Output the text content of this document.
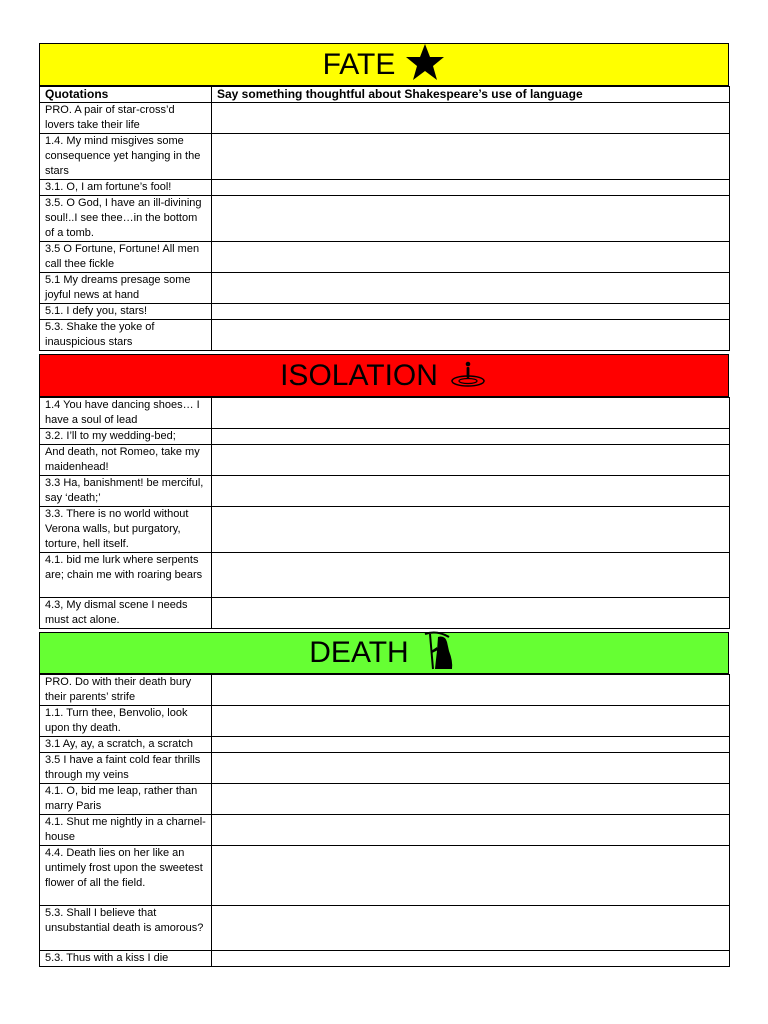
FATE
Quotations	Say something thoughtful about Shakespeare’s use of language
PRO. A pair of star-cross’d lovers take their life	
1.4. My mind misgives some consequence yet hanging in the stars	
3.1. O, I am fortune’s fool!	
3.5. O God, I have an ill-divining soul!..I see thee…in the bottom of a tomb.	
3.5 O Fortune, Fortune! All men call thee fickle	
5.1 My dreams presage some joyful news at hand	
5.1. I defy you, stars!	
5.3. Shake the yoke of inauspicious stars	
ISOLATION
1.4 You have dancing shoes… I have a soul of lead	
3.2. I’ll to my wedding-bed;	
And death, not Romeo, take my maidenhead!	
3.3 Ha, banishment! be merciful, say ‘death;’	
3.3. There is no world without Verona walls, but purgatory, torture, hell itself.	
4.1. bid me lurk where serpents are; chain me with roaring bears	
4.3, My dismal scene I needs must act alone.	
DEATH
PRO. Do with their death bury their parents’ strife	
1.1. Turn thee, Benvolio, look upon thy death.	
3.1 Ay, ay, a scratch, a scratch	
3.5 I have a faint cold fear thrills through my veins	
4.1. O, bid me leap, rather than marry Paris	
4.1. Shut me nightly in a charnel-house	
4.4. Death lies on her like an untimely frost upon the sweetest flower of all the field.	
5.3. Shall I believe that unsubstantial death is amorous?	
5.3. Thus with a kiss I die	
